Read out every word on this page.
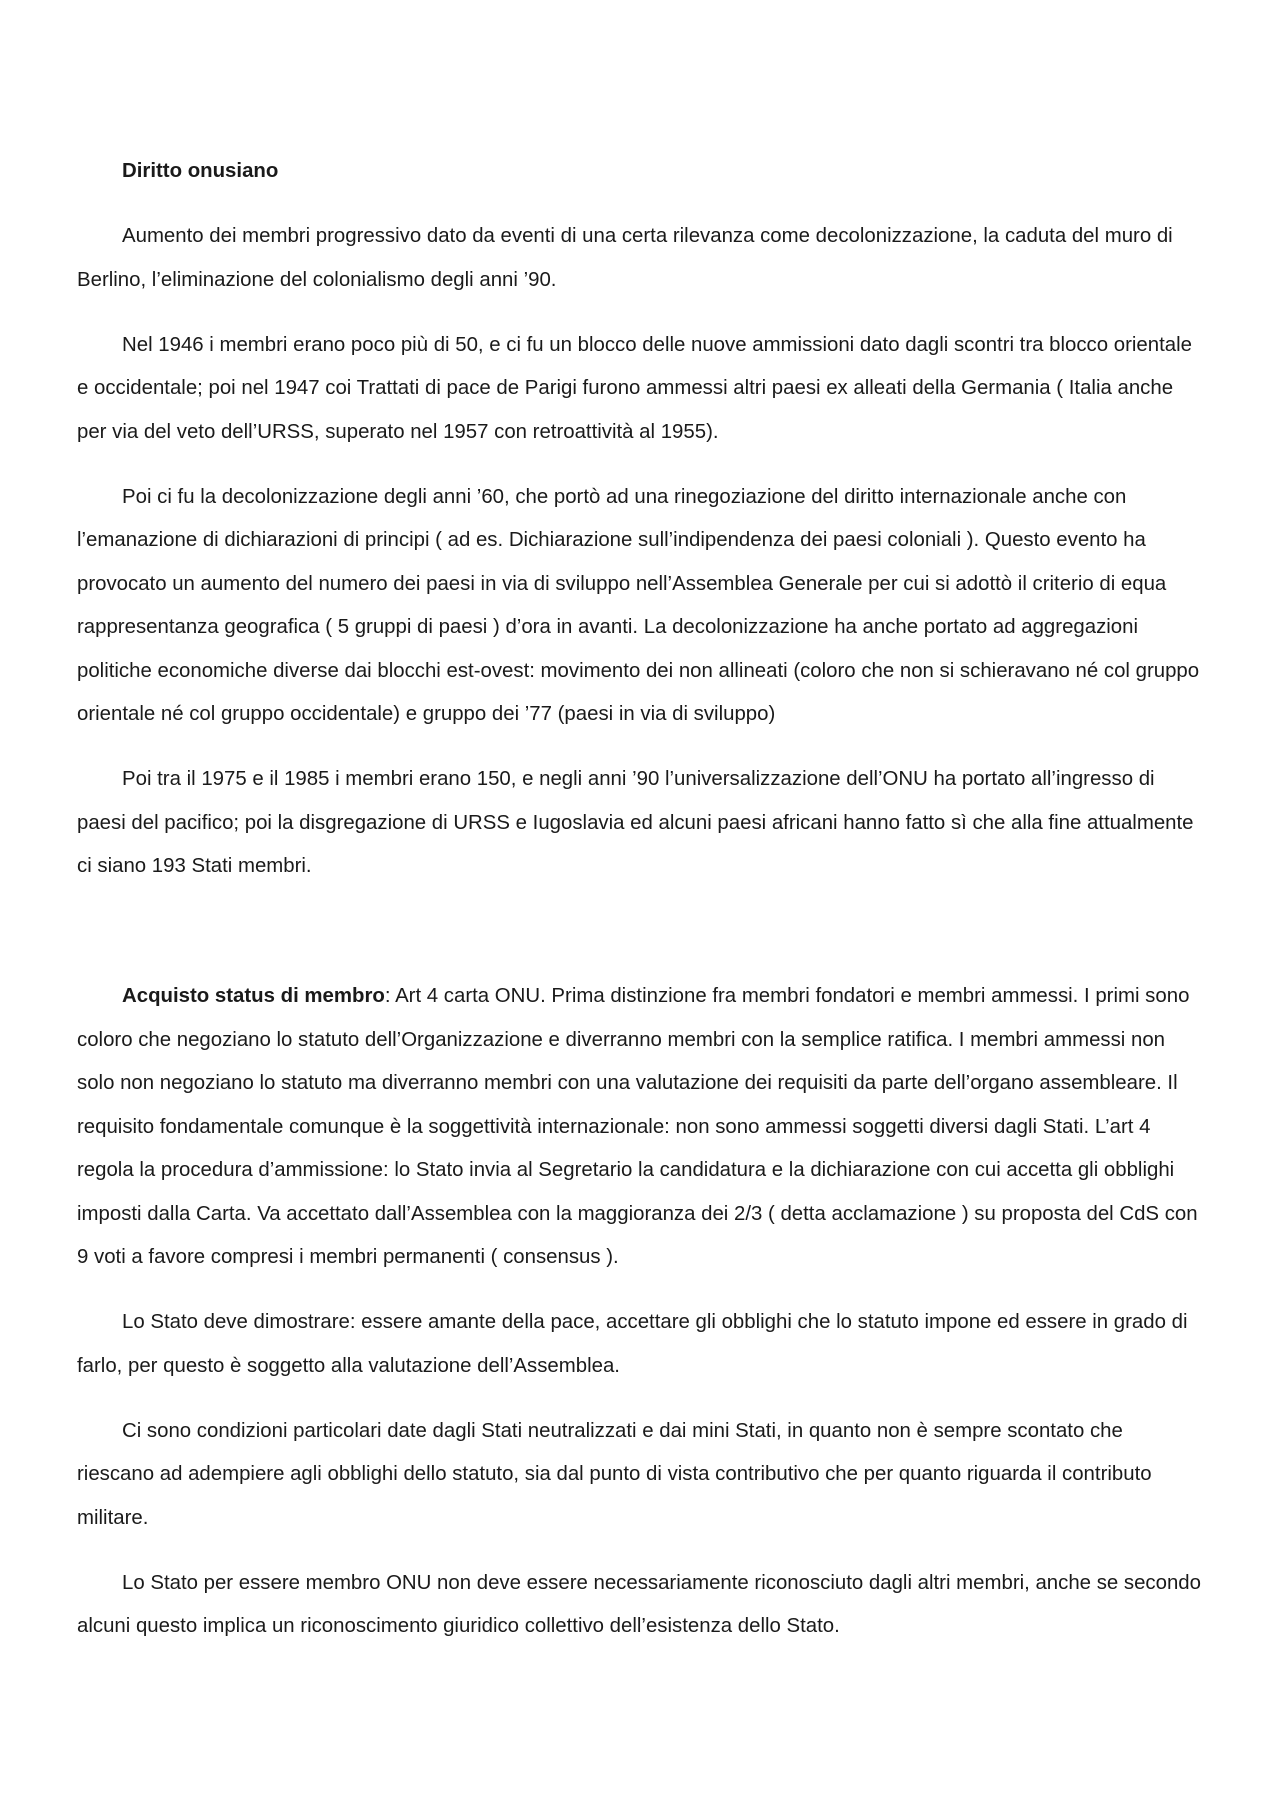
Diritto onusiano

Aumento dei membri progressivo dato da eventi di una certa rilevanza come decolonizzazione, la caduta del muro di Berlino, l’eliminazione del colonialismo degli anni ’90.

Nel 1946 i membri erano poco più di 50, e ci fu un blocco delle nuove ammissioni dato dagli scontri tra blocco orientale e occidentale; poi nel 1947 coi Trattati di pace de Parigi furono ammessi altri paesi ex alleati della Germania ( Italia anche per via del veto dell’URSS, superato nel 1957 con retroattività al 1955).

Poi ci fu la decolonizzazione degli anni ’60, che portò ad una rinegoziazione del diritto internazionale anche con l’emanazione di dichiarazioni di principi ( ad es. Dichiarazione sull’indipendenza dei paesi coloniali ). Questo evento ha provocato un aumento del numero dei paesi in via di sviluppo nell’Assemblea Generale per cui si adottò il criterio di equa rappresentanza geografica ( 5 gruppi di paesi ) d’ora in avanti. La decolonizzazione ha anche portato ad aggregazioni politiche economiche diverse dai blocchi est-ovest: movimento dei non allineati (coloro che non si schieravano né col gruppo orientale né col gruppo occidentale) e gruppo dei ’77 (paesi in via di sviluppo)

Poi tra il 1975 e il 1985 i membri erano 150, e negli anni ’90 l’universalizzazione dell’ONU ha portato all’ingresso di paesi del pacifico; poi la disgregazione di URSS e Iugoslavia ed alcuni paesi africani hanno fatto sì che alla fine attualmente ci siano 193 Stati membri.

Acquisto status di membro: Art 4 carta ONU. Prima distinzione fra membri fondatori e membri ammessi. I primi sono coloro che negoziano lo statuto dell’Organizzazione e diverranno membri con la semplice ratifica. I membri ammessi non solo non negoziano lo statuto ma diverranno membri con una valutazione dei requisiti da parte dell’organo assembleare. Il requisito fondamentale comunque è la soggettività internazionale: non sono ammessi soggetti diversi dagli Stati. L’art 4 regola la procedura d’ammissione: lo Stato invia al Segretario la candidatura e la dichiarazione con cui accetta gli obblighi imposti dalla Carta. Va accettato dall’Assemblea con la maggioranza dei 2/3 ( detta acclamazione ) su proposta del CdS con 9 voti a favore compresi i membri permanenti ( consensus ).

Lo Stato deve dimostrare: essere amante della pace, accettare gli obblighi che lo statuto impone ed essere in grado di farlo, per questo è soggetto alla valutazione dell’Assemblea.

Ci sono condizioni particolari date dagli Stati neutralizzati e dai mini Stati, in quanto non è sempre scontato che riescano ad adempiere agli obblighi dello statuto, sia dal punto di vista contributivo che per quanto riguarda il contributo militare.

Lo Stato per essere membro ONU non deve essere necessariamente riconosciuto dagli altri membri, anche se secondo alcuni questo implica un riconoscimento giuridico collettivo dell’esistenza dello Stato.
